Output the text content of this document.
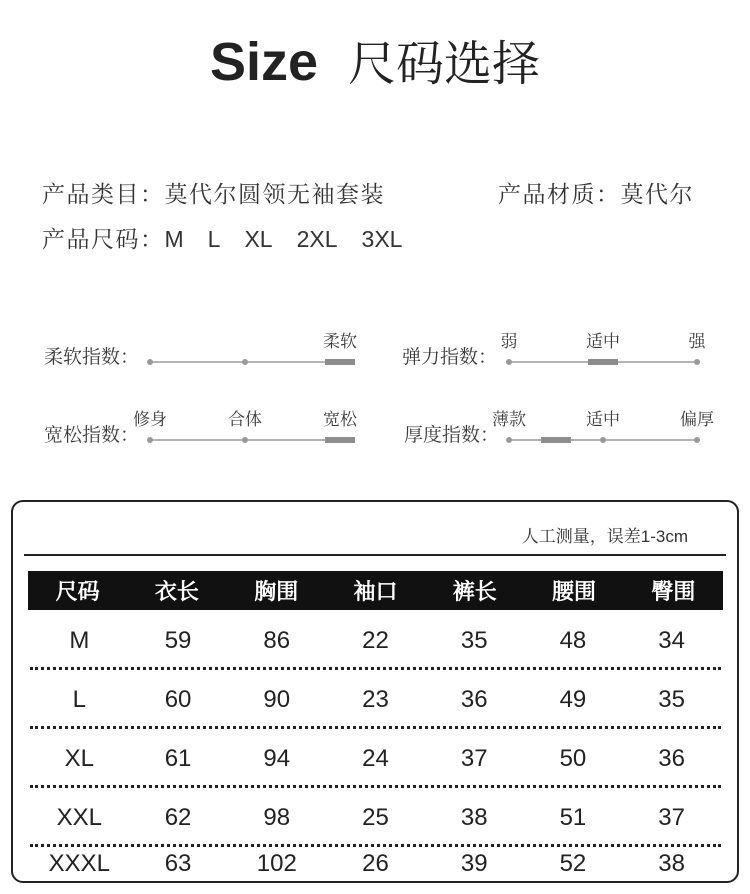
Size 尺码选择
产品类目： 莫代尔圆领无袖套装	产品材质： 莫代尔
产品尺码： M L XL 2XL 3XL
柔软指数：
柔软
弹力指数：
弱	适中	强
宽松指数：
修身	合体	宽松
厚度指数：
薄款	适中	偏厚
人工测量，误差1-3cm
尺码	衣长	胸围	袖口	裤长	腰围	臀围
M	59	86	22	35	48	34
L	60	90	23	36	49	35
XL	61	94	24	37	50	36
XXL	62	98	25	38	51	37
XXXL	63	102	26	39	52	38
